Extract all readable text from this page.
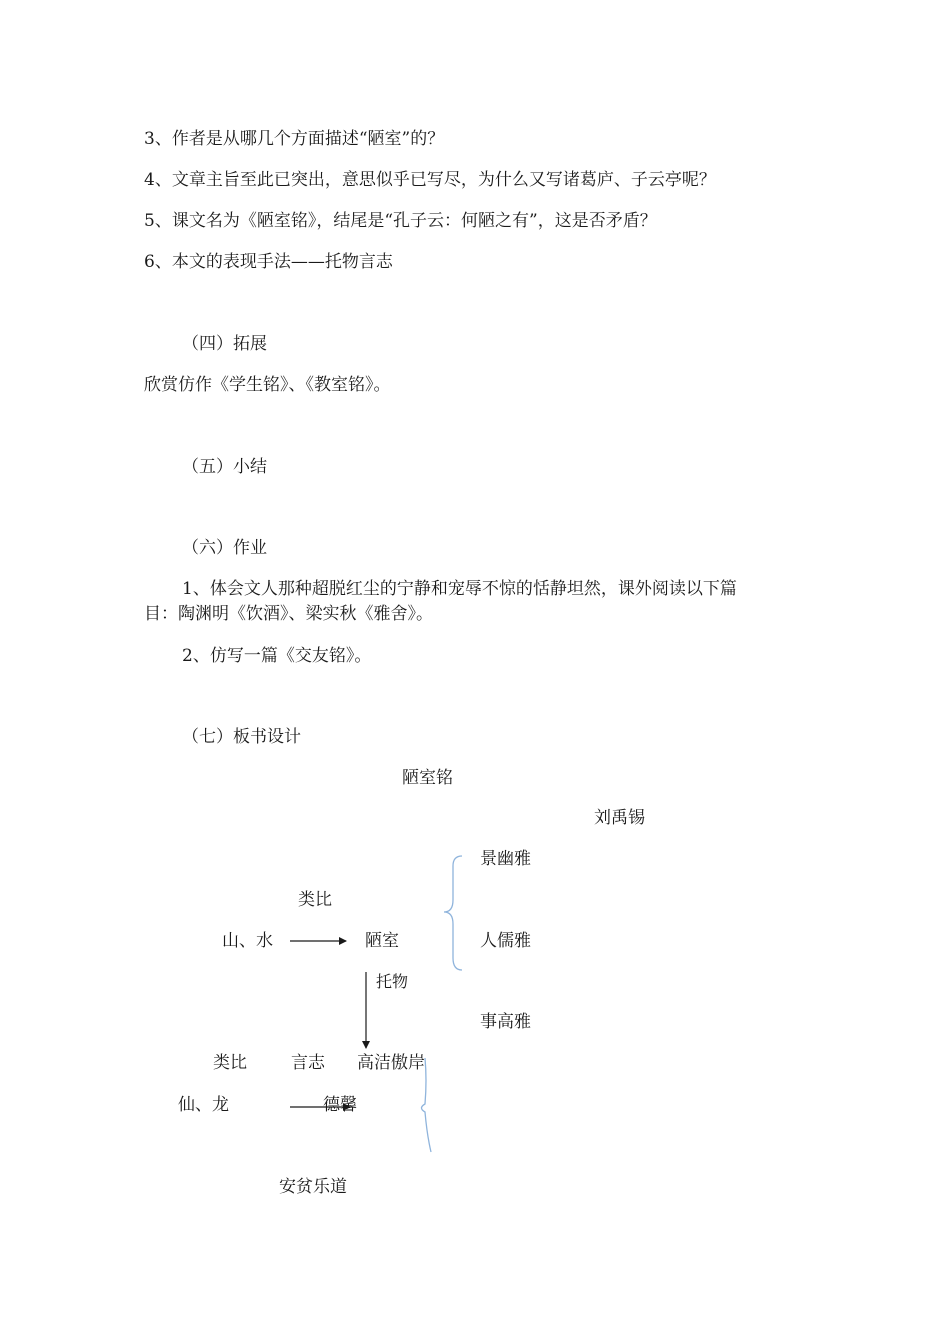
3、作者是从哪几个方面描述“陋室”的？
4、文章主旨至此已突出，意思似乎已写尽，为什么又写诸葛庐、子云亭呢？
5、课文名为《陋室铭》，结尾是“孔子云：何陋之有”，这是否矛盾？
6、本文的表现手法——托物言志
（四）拓展
欣赏仿作《学生铭》、《教室铭》。
（五）小结
（六）作业
1、体会文人那种超脱红尘的宁静和宠辱不惊的恬静坦然，课外阅读以下篇
目：陶渊明《饮酒》、梁实秋《雅舍》。
2、仿写一篇《交友铭》。
（七）板书设计
陋室铭
刘禹锡
景幽雅
类比
山、水	陋室	人儒雅
托物
事高雅
类比	言志 高洁傲岸
仙、龙	德馨
安贫乐道
